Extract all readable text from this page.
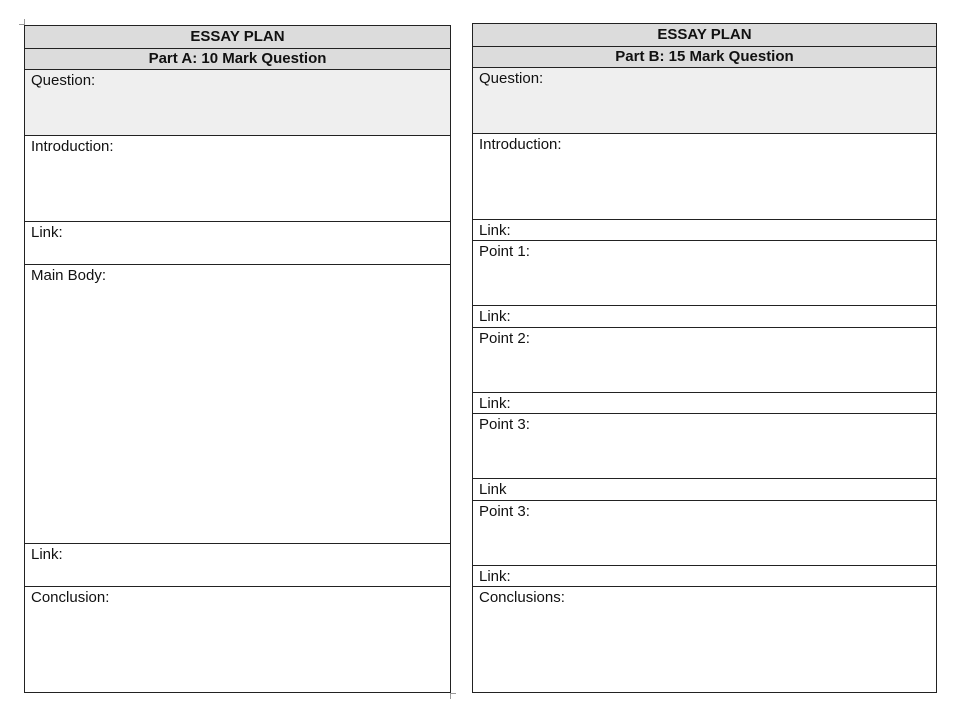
ESSAY PLAN
Part A: 10 Mark Question
Question:
Introduction:
Link:
Main Body:
Link:
Conclusion:
ESSAY PLAN
Part B: 15 Mark Question
Question:
Introduction:
Link:
Point 1:
Link:
Point 2:
Link:
Point 3:
Link
Point 3:
Link:
Conclusions:
